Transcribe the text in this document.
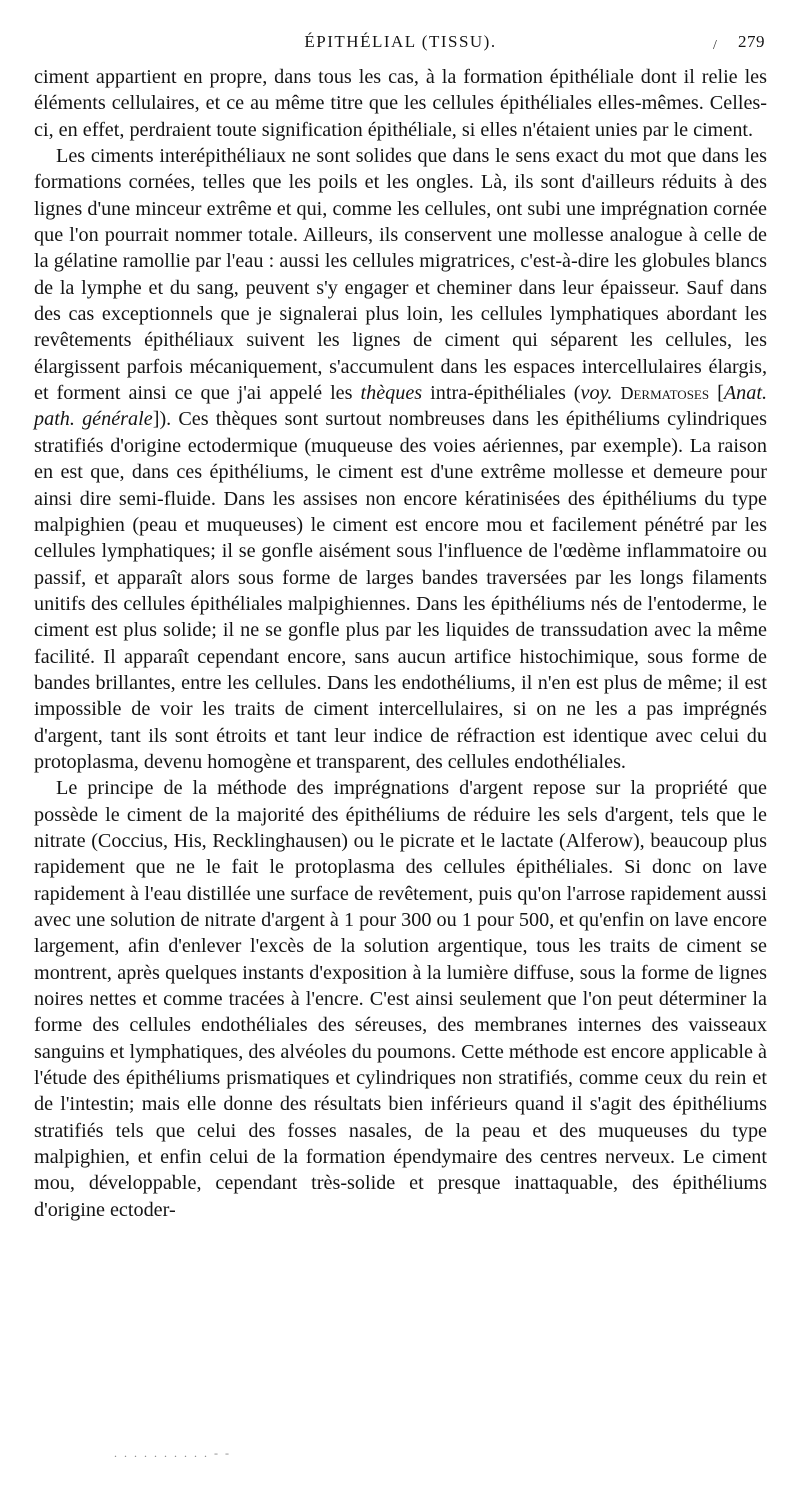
/
ÉPITHÉLIAL (TISSU).	279

ciment appartient en propre, dans tous les cas, à la formation épithéliale dont il relie les éléments cellulaires, et ce au même titre que les cellules épithéliales elles-mêmes. Celles-ci, en effet, perdraient toute signification épithéliale, si elles n'étaient unies par le ciment.

Les ciments interépithéliaux ne sont solides que dans le sens exact du mot que dans les formations cornées, telles que les poils et les ongles. Là, ils sont d'ailleurs réduits à des lignes d'une minceur extrême et qui, comme les cellules, ont subi une imprégnation cornée que l'on pourrait nommer totale. Ailleurs, ils conservent une mollesse analogue à celle de la gélatine ramollie par l'eau : aussi les cellules migratrices, c'est-à-dire les globules blancs de la lymphe et du sang, peuvent s'y engager et cheminer dans leur épaisseur. Sauf dans des cas exceptionnels que je signalerai plus loin, les cellules lymphatiques abordant les revêtements épithéliaux suivent les lignes de ciment qui séparent les cellules, les élargissent parfois mécaniquement, s'accumulent dans les espaces intercellulaires élargis, et forment ainsi ce que j'ai appelé les thèques intra-épithéliales (voy. Dermatoses [Anat. path. générale]). Ces thèques sont surtout nombreuses dans les épithéliums cylindriques stratifiés d'origine ectodermique (muqueuse des voies aériennes, par exemple). La raison en est que, dans ces épithéliums, le ciment est d'une extrême mollesse et demeure pour ainsi dire semi-fluide. Dans les assises non encore kératinisées des épithéliums du type malpighien (peau et muqueuses) le ciment est encore mou et facilement pénétré par les cellules lymphatiques; il se gonfle aisément sous l'influence de l'œdème inflammatoire ou passif, et apparaît alors sous forme de larges bandes traversées par les longs filaments unitifs des cellules épithéliales malpighiennes. Dans les épithéliums nés de l'entoderme, le ciment est plus solide; il ne se gonfle plus par les liquides de transsudation avec la même facilité. Il apparaît cependant encore, sans aucun artifice histochimique, sous forme de bandes brillantes, entre les cellules. Dans les endothéliums, il n'en est plus de même; il est impossible de voir les traits de ciment intercellulaires, si on ne les a pas imprégnés d'argent, tant ils sont étroits et tant leur indice de réfraction est identique avec celui du protoplasma, devenu homogène et transparent, des cellules endothéliales.

Le principe de la méthode des imprégnations d'argent repose sur la propriété que possède le ciment de la majorité des épithéliums de réduire les sels d'argent, tels que le nitrate (Coccius, His, Recklinghausen) ou le picrate et le lactate (Alferow), beaucoup plus rapidement que ne le fait le protoplasma des cellules épithéliales. Si donc on lave rapidement à l'eau distillée une surface de revêtement, puis qu'on l'arrose rapidement aussi avec une solution de nitrate d'argent à 1 pour 300 ou 1 pour 500, et qu'enfin on lave encore largement, afin d'enlever l'excès de la solution argentique, tous les traits de ciment se montrent, après quelques instants d'exposition à la lumière diffuse, sous la forme de lignes noires nettes et comme tracées à l'encre. C'est ainsi seulement que l'on peut déterminer la forme des cellules endothéliales des séreuses, des membranes internes des vaisseaux sanguins et lymphatiques, des alvéoles du poumons. Cette méthode est encore applicable à l'étude des épithéliums prismatiques et cylindriques non stratifiés, comme ceux du rein et de l'intestin; mais elle donne des résultats bien inférieurs quand il s'agit des épithéliums stratifiés tels que celui des fosses nasales, de la peau et des muqueuses du type malpighien, et enfin celui de la formation épendymaire des centres nerveux. Le ciment mou, développable, cependant très-solide et presque inattaquable, des épithéliums d'origine ectoder-

. . . . . . . . . . - -
